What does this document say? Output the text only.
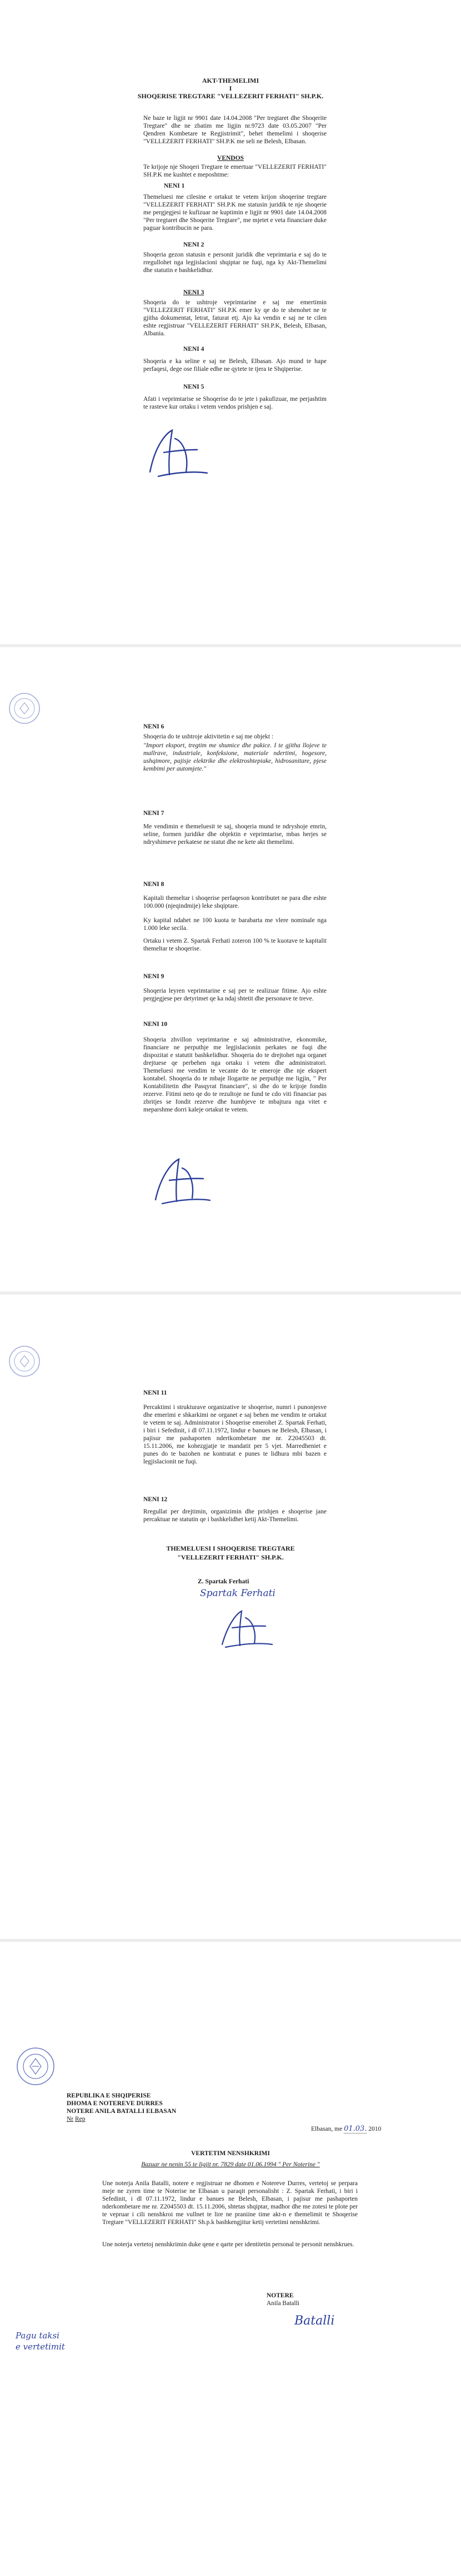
AKT-THEMELIMI

I

SHOQERISE TREGTARE "VELLEZERIT FERHATI" SH.P.K.

Ne baze te ligjit nr 9901 date 14.04.2008 "Per tregtaret dhe Shoqerite Tregtare" dhe ne zbatim me ligjin nr.9723 date 03.05.2007 "Per Qendren Kombetare te Regjistrimit", behet themelimi i shoqerise "VELLEZERIT FERHATI" SH.P.K me seli ne Belesh, Elbasan.

VENDOS

Te krijoje nje Shoqeri Tregtare te emertuar "VELLEZERIT FERHATI" SH.P.K me kushtet e meposhtme:

NENI 1

Themeluesi me cilesine e ortakut te vetem krijon shoqerine tregtare "VELLEZERIT FERHATI" SH.P.K me statusin juridik te nje shoqerie me pergjegjesi te kufizuar ne kuptimin e ligjit nr 9901 date 14.04.2008 "Per tregtaret dhe Shoqerite Tregtare", me mjetet e veta financiare duke paguar kontribucin ne para.

NENI 2

Shoqeria gezon statusin e personit juridik dhe veprimtaria e saj do te rregullohet nga legjislacioni shqiptar ne fuqi, nga ky Akt-Themelimi dhe statutin e bashkelidhur.

NENI 3

Shoqeria do te ushtroje veprimtarine e saj me emertimin "VELLEZERIT FERHATI" SH.P.K emer ky qe do te shenohet ne te gjitha dokumentat, letrat, faturat etj. Ajo ka vendin e saj ne te cilen eshte regjistruar "VELLEZERIT FERHATI" SH.P.K, Belesh, Elbasan, Albania.

NENI 4

Shoqeria e ka seline e saj ne Belesh, Elbasan. Ajo mund te hape perfaqesi, dege ose filiale edhe ne qytete te tjera te Shqiperise.

NENI 5

Afati i veprimtarise se Shoqerise do te jete i pakufizuar, me perjashtim te rasteve kur ortaku i vetem vendos prishjen e saj.

NENI 6

Shoqeria do te ushtroje aktivitetin e saj me objekt :

"Import eksport, tregtim me shumice dhe pakice. I te gjitha llojeve te mallrave, industriale, konfeksione, materiale ndertimi, hogesore, ushqimore, pajisje elektrike dhe elektroshtepiake, hidrosanitare, pjese kembimi per automjete."

NENI 7

Me vendimin e themeluesit te saj, shoqeria mund te ndryshoje emrin, seline, formen juridike dhe objektin e veprimtarise, mbas herjes se ndryshimeve perkatese ne statut dhe ne kete akt themelimi.

NENI 8

Kapitali themeltar i shoqerise perfaqeson kontributet ne para dhe eshte 100.000 (njeqindmije) leke shqiptare.

Ky kapital ndahet ne 100 kuota te barabarta me vlere nominale nga 1.000 leke secila.

Ortaku i vetem Z. Spartak Ferhati zoteron 100 % te kuotave te kapitalit themeltar te shoqerise.

NENI 9

Shoqeria leyren veprimtarine e saj per te realizuar fitime. Ajo eshte pergjegjese per detyrimet qe ka ndaj shtetit dhe personave te treve.

NENI 10

Shoqeria zhvillon veprimtarine e saj administrative, ekonomike, financiare ne perputhje me legjislacionin perkates ne fuqi dhe dispozitat e statutit bashkelidhur. Shoqeria do te drejtohet nga organet drejtuese qe perbehen nga ortaku i vetem dhe administratori. Themeluesi me vendim te vecante do te emeroje dhe nje ekspert kontabel. Shoqeria do te mbaje llogarite ne perputhje me ligjin, " Per Kontabilitetin dhe Pasqyrat financiare", si dhe do te krijoje fondin rezerve. Fitimi neto qe do te rezultoje ne fund te cdo viti financiar pas zbritjes se fondit rezerve dhe humbjeve te mbajtura nga vitet e meparshme dorri kaleje ortakut te vetem.

NENI 11

Percaktimi i strukturave organizative te shoqerise, numri i punonjesve dhe emerimi e shkarkimi ne organet e saj behen me vendim te ortakut te vetem te saj. Administrator i Shoqerise emerohet Z. Spartak Ferhati, i biri i Sefedinit, i dl 07.11.1972, lindur e banues ne Belesh, Elbasan, i pajisur me pashaporten ndertkombetare me nr. Z2045503 dt. 15.11.2006, me kohezgjatje te mandatit per 5 vjet. Marredheniet e punes do te bazohen ne kontratat e punes te lidhura mbi bazen e legjislacionit ne fuqi.

NENI 12

Rregullat per drejtimin, organizimin dhe prishjen e shoqerise jane percaktuar ne statutin qe i bashkelidhet ketij Akt-Themelimi.

THEMELUESI I SHOQERISE TREGTARE

"VELLEZERIT FERHATI" SH.P.K.

Z. Spartak Ferhati

Spartak Ferhati

REPUBLIKA E SHQIPERISE

DHOMA E NOTEREVE DURRES

NOTERE ANILA BATALLI ELBASAN

Nr Rep

Elbasan, me 01.03. 2010

VERTETIM NENSHKRIMI

Bazuar ne nenin 55 te ligjit nr. 7829 date 01.06.1994 " Per Noterine "

Une noterja Anila Batalli, notere e regjistruar ne dhomen e Notereve Durres, vertetoj se perpara meje ne zyren time te Noterise ne Elbasan u paraqit personalisht : Z. Spartak Ferhati, i biri i Sefedinit, i dl 07.11.1972, lindur e banues ne Belesh, Elbasan, i pajisur me pashaporten nderkombetare me nr. Z2045503 dt. 15.11.2006, shtetas shqiptar, madhor dhe me zotesi te plote per te vepruar i cili nenshkroi me vullnet te lire ne praniine time akt-n e themelimit te Shoqerise Tregtare "VELLEZERIT FERHATI" Sh.p.k bashkengjitur ketij vertetimi nenshkrimi.

Une noterja vertetoj nenshkrimin duke qene e qarte per identitetin personal te personit nenshkrues.

NOTERE

Anila Batalli

Batalli
Pagu taksi
e vertetimit
